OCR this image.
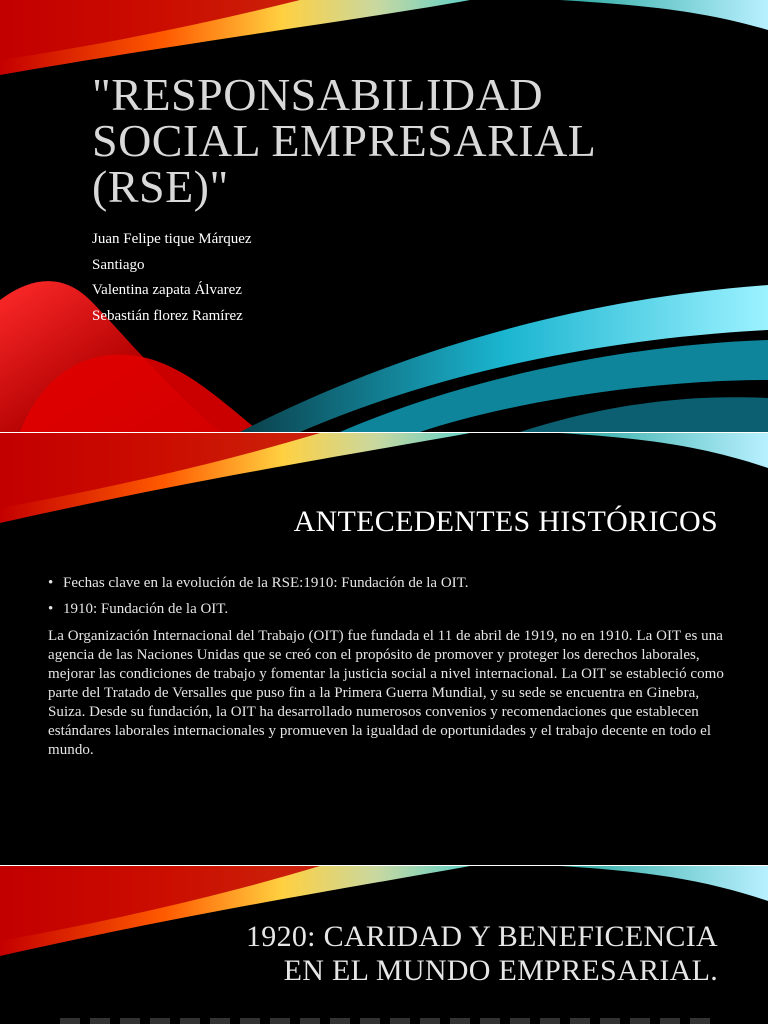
"RESPONSABILIDAD SOCIAL EMPRESARIAL (RSE)"
Juan Felipe tique Márquez
Santiago
Valentina zapata Álvarez
Sebastián florez Ramírez
ANTECEDENTES HISTÓRICOS
• Fechas clave en la evolución de la RSE:1910: Fundación de la OIT.
• 1910: Fundación de la OIT.

La Organización Internacional del Trabajo (OIT) fue fundada el 11 de abril de 1919, no en 1910. La OIT es una agencia de las Naciones Unidas que se creó con el propósito de promover y proteger los derechos laborales, mejorar las condiciones de trabajo y fomentar la justicia social a nivel internacional. La OIT se estableció como parte del Tratado de Versalles que puso fin a la Primera Guerra Mundial, y su sede se encuentra en Ginebra, Suiza. Desde su fundación, la OIT ha desarrollado numerosos convenios y recomendaciones que establecen estándares laborales internacionales y promueven la igualdad de oportunidades y el trabajo decente en todo el mundo.

1920: CARIDAD Y BENEFICENCIA
EN EL MUNDO EMPRESARIAL.
